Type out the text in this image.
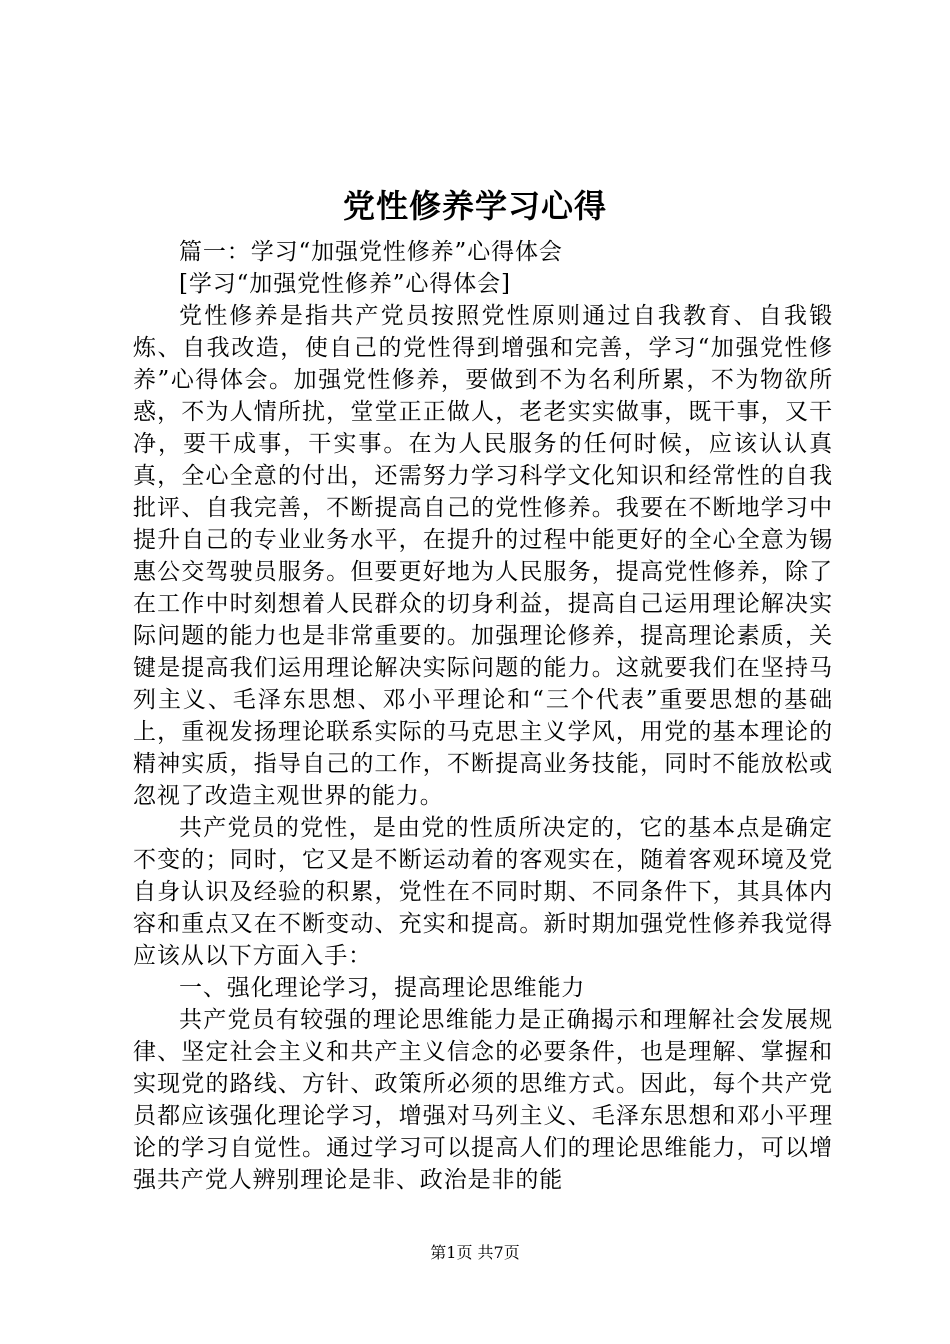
党性修养学习心得

篇一：学习“加强党性修养”心得体会

[学习“加强党性修养”心得体会]

党性修养是指共产党员按照党性原则通过自我教育、自我锻炼、自我改造，使自己的党性得到增强和完善，学习“加强党性修养”心得体会。加强党性修养，要做到不为名利所累，不为物欲所惑，不为人情所扰，堂堂正正做人，老老实实做事，既干事，又干净，要干成事，干实事。在为人民服务的任何时候，应该认认真真，全心全意的付出，还需努力学习科学文化知识和经常性的自我批评、自我完善，不断提高自己的党性修养。我要在不断地学习中提升自己的专业业务水平，在提升的过程中能更好的全心全意为锡惠公交驾驶员服务。但要更好地为人民服务，提高党性修养，除了在工作中时刻想着人民群众的切身利益，提高自己运用理论解决实际问题的能力也是非常重要的。加强理论修养，提高理论素质，关键是提高我们运用理论解决实际问题的能力。这就要我们在坚持马列主义、毛泽东思想、邓小平理论和“三个代表”重要思想的基础上，重视发扬理论联系实际的马克思主义学风，用党的基本理论的精神实质，指导自己的工作，不断提高业务技能，同时不能放松或忽视了改造主观世界的能力。

共产党员的党性，是由党的性质所决定的，它的基本点是确定不变的；同时，它又是不断运动着的客观实在，随着客观环境及党自身认识及经验的积累，党性在不同时期、不同条件下，其具体内容和重点又在不断变动、充实和提高。新时期加强党性修养我觉得应该从以下方面入手：

一、强化理论学习，提高理论思维能力

共产党员有较强的理论思维能力是正确揭示和理解社会发展规律、坚定社会主义和共产主义信念的必要条件，也是理解、掌握和实现党的路线、方针、政策所必须的思维方式。因此，每个共产党员都应该强化理论学习，增强对马列主义、毛泽东思想和邓小平理论的学习自觉性。通过学习可以提高人们的理论思维能力，可以增强共产党人辨别理论是非、政治是非的能

第1页 共7页
